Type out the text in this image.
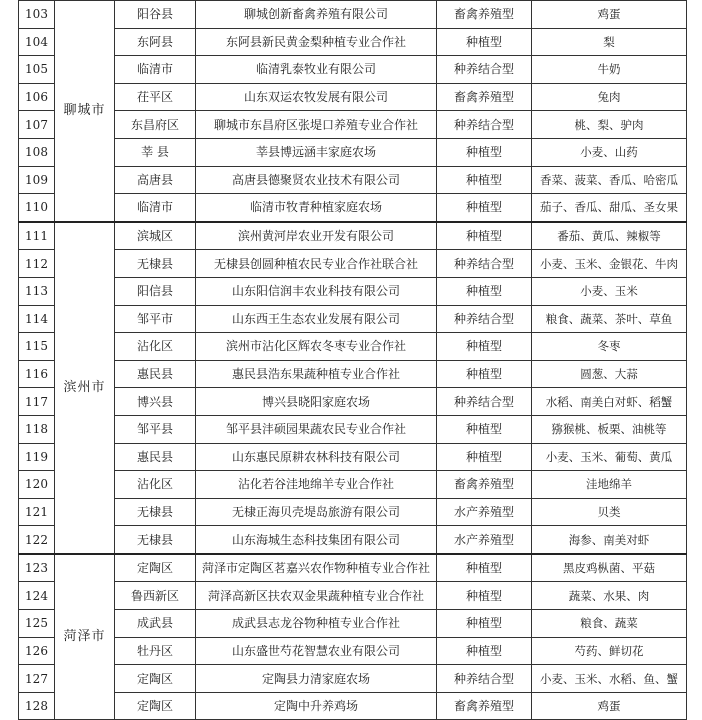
103	聊城市	阳谷县	聊城创新畜禽养殖有限公司	畜禽养殖型	鸡蛋
104		东阿县	东阿县新民黄金梨种植专业合作社	种植型	梨
105		临清市	临清乳泰牧业有限公司	种养结合型	牛奶
106		茌平区	山东双运农牧发展有限公司	畜禽养殖型	兔肉
107		东昌府区	聊城市东昌府区张堤口养殖专业合作社	种养结合型	桃、梨、驴肉
108		莘 县	莘县博远涵丰家庭农场	种植型	小麦、山药
109		高唐县	高唐县德聚贤农业技术有限公司	种植型	香菜、菠菜、香瓜、哈密瓜
110		临清市	临清市牧青种植家庭农场	种植型	茄子、香瓜、甜瓜、圣女果
111	滨州市	滨城区	滨州黄河岸农业开发有限公司	种植型	番茄、黄瓜、辣椒等
112		无棣县	无棣县创圆种植农民专业合作社联合社	种养结合型	小麦、玉米、金银花、牛肉
113		阳信县	山东阳信润丰农业科技有限公司	种植型	小麦、玉米
114		邹平市	山东西王生态农业发展有限公司	种养结合型	粮食、蔬菜、茶叶、草鱼
115		沾化区	滨州市沾化区辉农冬枣专业合作社	种植型	冬枣
116		惠民县	惠民县浩东果蔬种植专业合作社	种植型	圆葱、大蒜
117		博兴县	博兴县晓阳家庭农场	种养结合型	水稻、南美白对虾、稻蟹
118		邹平县	邹平县沣硕园果蔬农民专业合作社	种植型	猕猴桃、板栗、油桃等
119		惠民县	山东惠民原耕农林科技有限公司	种植型	小麦、玉米、葡萄、黄瓜
120		沾化区	沾化若谷洼地绵羊专业合作社	畜禽养殖型	洼地绵羊
121		无棣县	无棣正海贝壳堤岛旅游有限公司	水产养殖型	贝类
122		无棣县	山东海城生态科技集团有限公司	水产养殖型	海参、南美对虾
123	菏泽市	定陶区	菏泽市定陶区茗嘉兴农作物种植专业合作社	种植型	黑皮鸡枞菌、平菇
124		鲁西新区	菏泽高新区扶农双金果蔬种植专业合作社	种植型	蔬菜、水果、肉
125		成武县	成武县志龙谷物种植专业合作社	种植型	粮食、蔬菜
126		牡丹区	山东盛世芍花智慧农业有限公司	种植型	芍药、鲜切花
127		定陶区	定陶县力清家庭农场	种养结合型	小麦、玉米、水稻、鱼、蟹
128		定陶区	定陶中升养鸡场	畜禽养殖型	鸡蛋
